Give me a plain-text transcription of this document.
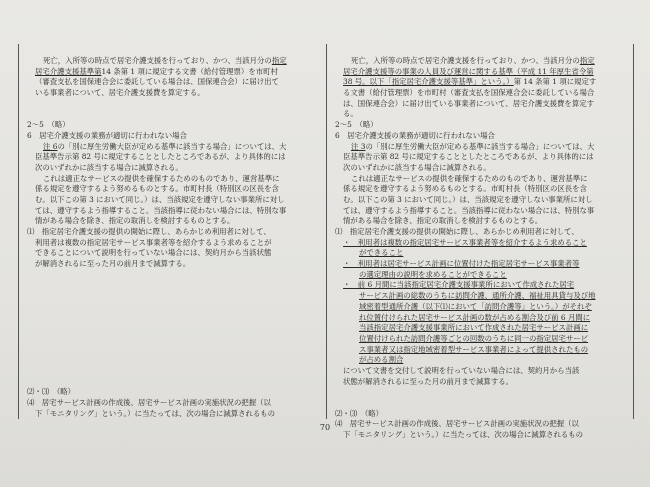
死亡，入所等の時点で居宅介護支援を行っており、かつ、当該月分の指定
居宅介護支援基準第14 条第 1 項に規定する文書（給付管理票）を市町村
（審査支払を国保連合会に委託している場合は、国保連合会）に届け出て
いる事業者について、居宅介護支援費を算定する。
2～5　（略）
6　居宅介護支援の業務が適切に行われない場合
注 6の「別に厚生労働大臣が定める基準に該当する場合」については、大
臣基準告示第 82 号に規定することとしたところであるが、より具体的には
次のいずれかに該当する場合に減算される。
これは適正なサービスの提供を確保するためのものであり、運営基準に
係る規定を遵守するよう努めるものとする。市町村長（特別区の区長を含
む。以下この第 3 において同じ。）は、当該規定を遵守しない事業所に対し
ては、遵守するよう指導すること。当該指導に従わない場合には、特別な事
情がある場合を除き、指定の取消しを検討するものとする。
⑴　指定居宅介護支援の提供の開始に際し、あらかじめ利用者に対して、
利用者は複数の指定居宅サービス事業者等を紹介するよう求めることが
できることについて説明を行っていない場合には、契約月から当該状態
が解消されるに至った月の前月まで減算する。
⑵・⑶　（略）
⑷　居宅サービス計画の作成後、居宅サービス計画の実施状況の把握（以
下「モニタリング」という。）に当たっては、次の場合に減算されるもの
死亡，入所等の時点で居宅介護支援を行っており、かつ、当該月分の指定
居宅介護支援等の事業の人員及び運営に関する基準（平成 11 年厚生省令第
38 号。以下「指定居宅介護支援等基準」という。）第 14 条第 1 項に規定す
る文書（給付管理票）を市町村（審査支払を国保連合会に委託している場合
は、国保連合会）に届け出ている事業者について、居宅介護支援費を算定す
る。
2～5　（略）
6　居宅介護支援の業務が適切に行われない場合
注 3の「別に厚生労働大臣が定める基準に該当する場合」については、大
臣基準告示第 82 号に規定することとしたところであるが、より具体的には
次のいずれかに該当する場合に減算される。
これは適正なサービスの提供を確保するためのものであり、運営基準に
係る規定を遵守するよう努めるものとする。市町村長（特別区の区長を含
む。以下この第 3 において同じ。）は、当該規定を遵守しない事業所に対し
ては、遵守するよう指導すること。当該指導に従わない場合には、特別な事
情がある場合を除き、指定の取消しを検討するものとする。
⑴　指定居宅介護支援の提供の開始に際し、あらかじめ利用者に対して、
・　利用者は複数の指定居宅サービス事業者等を紹介するよう求めること
ができること
・　利用者は居宅サービス計画に位置付けた指定居宅サービス事業者等
の選定理由の説明を求めることができること
・　前 6 月間に当該指定居宅介護支援事業所において作成された居宅
サービス計画の総数のうちに訪問介護、通所介護、福祉用具貸与及び地
域密着型通所介護（以下⑴において「訪問介護等」という。）がそれぞ
れ位置付けられた居宅サービス計画の数が占める割合及び前 6 月間に
当該指定居宅介護支援事業所において作成された居宅サービス計画に
位置付けられた訪問介護等ごとの回数のうちに同一の指定居宅サービ
ス事業者又は指定地域密着型サービス事業者によって提供されたもの
が占める割合
について文書を交付して説明を行っていない場合には、契約月から当該
状態が解消されるに至った月の前月まで減算する。
⑵・⑶　（略）
⑷　居宅サービス計画の作成後、居宅サービス計画の実施状況の把握（以
下「モニタリング」という。）に当たっては、次の場合に減算されるもの
70
